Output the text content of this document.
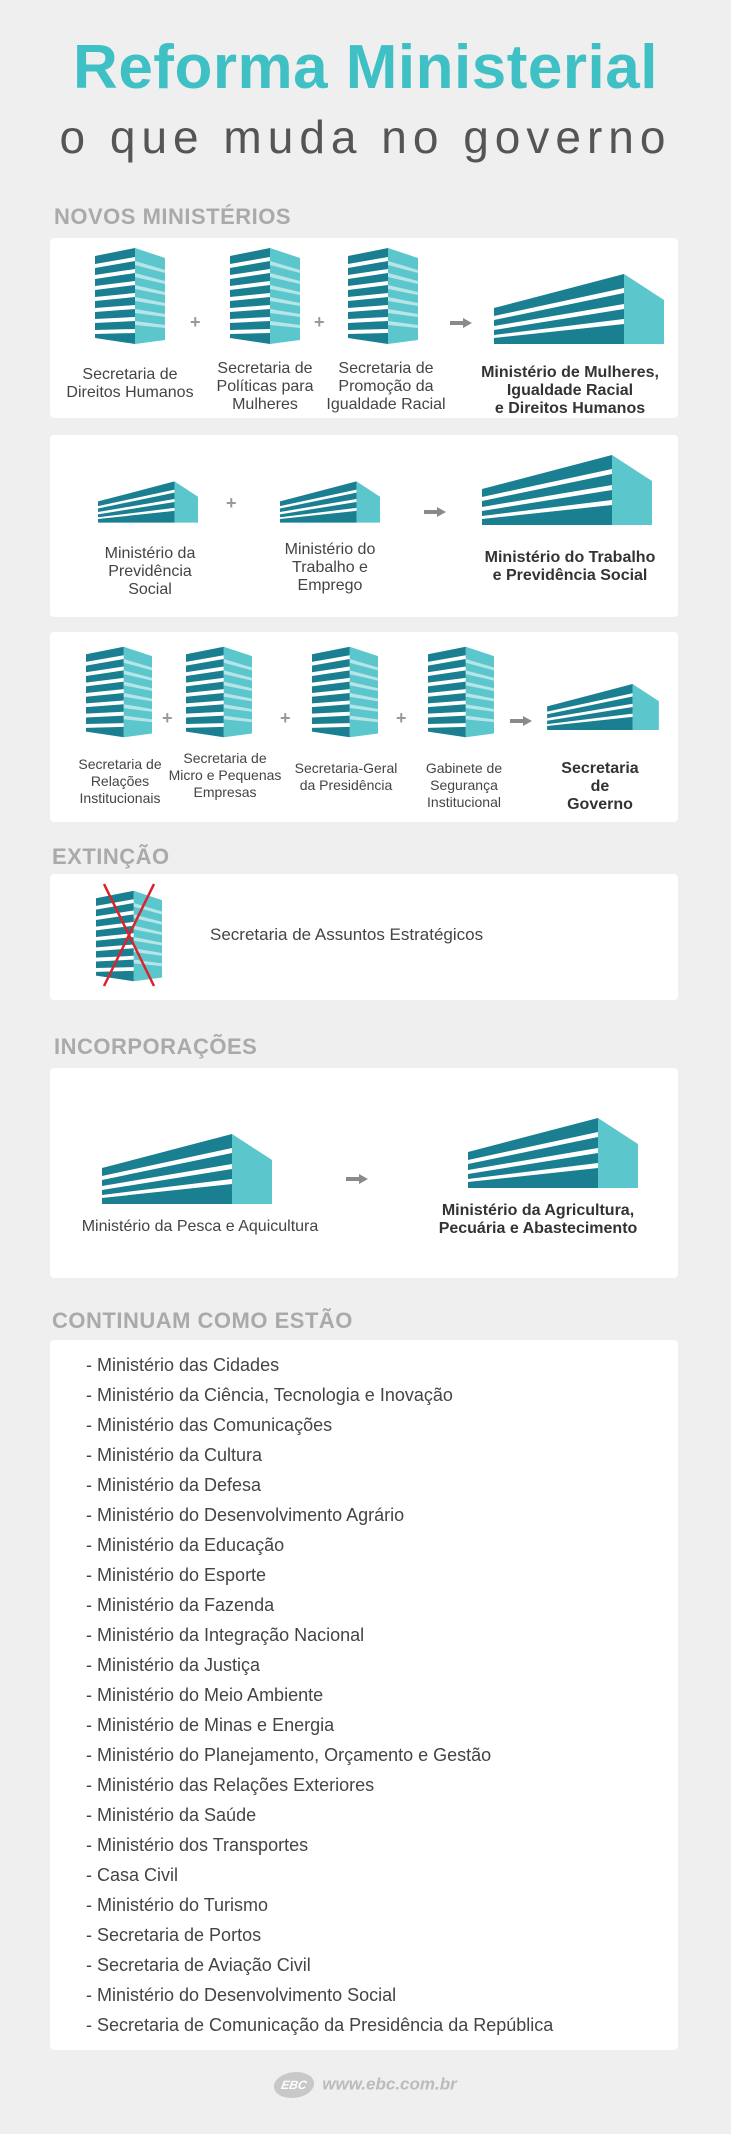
Reforma Ministerial
o que muda no governo
NOVOS MINISTÉRIOS
+	+
Secretaria de
Direitos Humanos
Secretaria de
Políticas para
Mulheres
Secretaria de
Promoção da
Igualdade Racial
Ministério de Mulheres,
Igualdade Racial
e Direitos Humanos
+
Ministério da
Previdência
Social
Ministério do
Trabalho e
Emprego
Ministério do Trabalho
e Previdência Social
+	+	+
Secretaria de
Relações
Institucionais
Secretaria de
Micro e Pequenas
Empresas
Secretaria-Geral
da Presidência
Gabinete de
Segurança
Institucional
Secretaria
de
Governo
EXTINÇÃO
Secretaria de Assuntos Estratégicos
INCORPORAÇÕES
Ministério da Pesca e Aquicultura
Ministério da Agricultura,
Pecuária e Abastecimento
CONTINUAM COMO ESTÃO
- Ministério das Cidades
- Ministério da Ciência, Tecnologia e Inovação
- Ministério das Comunicações
- Ministério da Cultura
- Ministério da Defesa
- Ministério do Desenvolvimento Agrário
- Ministério da Educação
- Ministério do Esporte
- Ministério da Fazenda
- Ministério da Integração Nacional
- Ministério da Justiça
- Ministério do Meio Ambiente
- Ministério de Minas e Energia
- Ministério do Planejamento, Orçamento e Gestão
- Ministério das Relações Exteriores
- Ministério da Saúde
- Ministério dos Transportes
- Casa Civil
- Ministério do Turismo
- Secretaria de Portos
- Secretaria de Aviação Civil
- Ministério do Desenvolvimento Social
- Secretaria de Comunicação da Presidência da República
EBC www.ebc.com.br
